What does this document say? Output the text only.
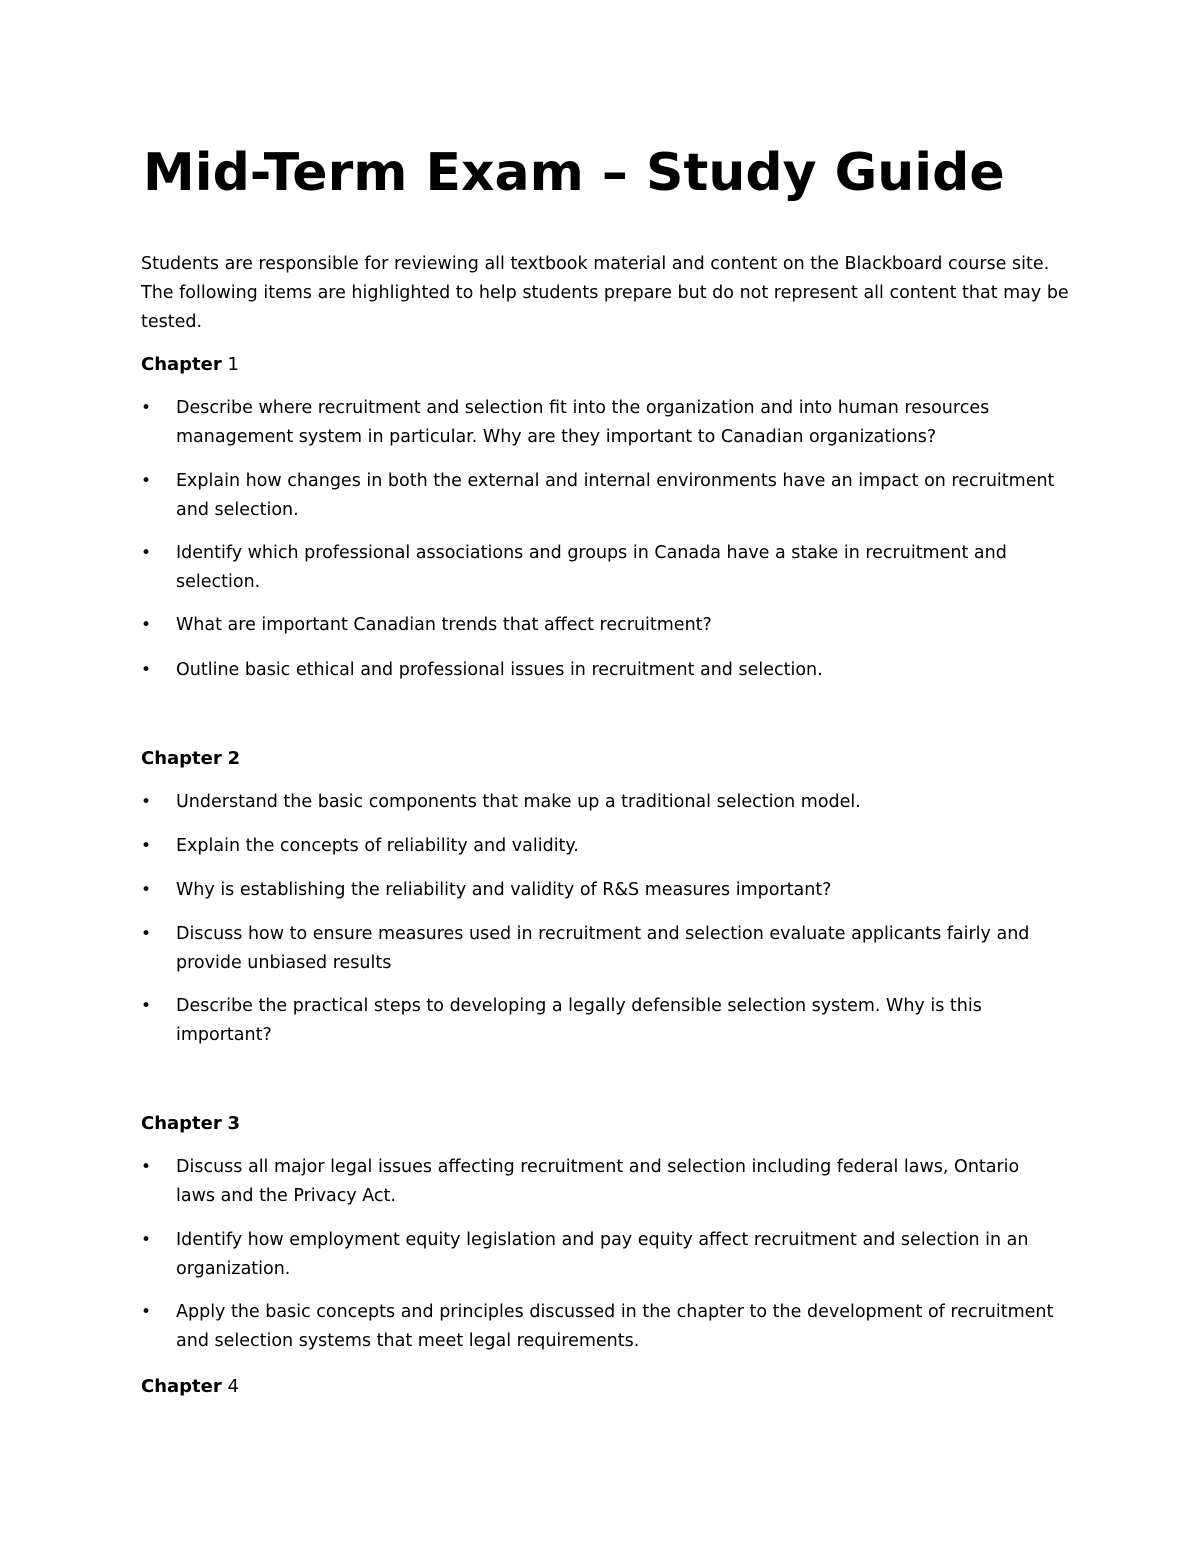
Mid-Term Exam – Study Guide

Students are responsible for reviewing all textbook material and content on the Blackboard course site. The following items are highlighted to help students prepare but do not represent all content that may be tested.

Chapter 1
• Describe where recruitment and selection fit into the organization and into human resources management system in particular. Why are they important to Canadian organizations?
• Explain how changes in both the external and internal environments have an impact on recruitment and selection.
• Identify which professional associations and groups in Canada have a stake in recruitment and selection.
• What are important Canadian trends that affect recruitment?
• Outline basic ethical and professional issues in recruitment and selection.
Chapter 2
• Understand the basic components that make up a traditional selection model.
• Explain the concepts of reliability and validity.
• Why is establishing the reliability and validity of R&S measures important?
• Discuss how to ensure measures used in recruitment and selection evaluate applicants fairly and provide unbiased results
• Describe the practical steps to developing a legally defensible selection system. Why is this important?
Chapter 3
• Discuss all major legal issues affecting recruitment and selection including federal laws, Ontario laws and the Privacy Act.
• Identify how employment equity legislation and pay equity affect recruitment and selection in an organization.
• Apply the basic concepts and principles discussed in the chapter to the development of recruitment and selection systems that meet legal requirements.
Chapter 4
